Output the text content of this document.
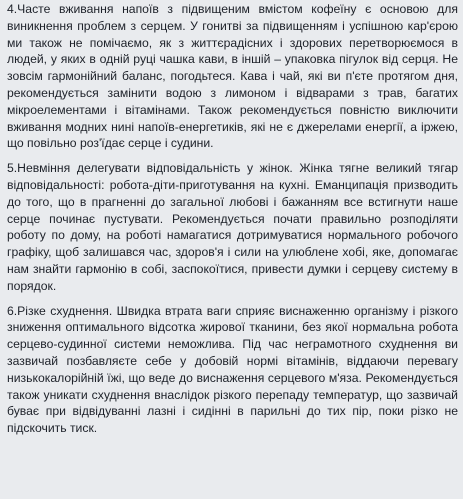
4.Часте вживання напоїв з підвищеним вмістом кофеїну є основою для виникнення проблем з серцем. У гонитві за підвищенням і успішною кар'єрою ми також не помічаємо, як з життєрадісних і здорових перетворюємося в людей, у яких в одній руці чашка кави, в іншій – упаковка пігулок від серця. Не зовсім гармонійний баланс, погодьтеся. Кава і чай, які ви п'єте протягом дня, рекомендується замінити водою з лимоном і відварами з трав, багатих мікроелементами і вітамінами. Також рекомендується повністю виключити вживання модних нині напоїв-енергетиків, які не є джерелами енергії, а іржею, що повільно роз'їдає серце і судини.

5.Невміння делегувати відповідальність у жінок. Жінка тягне великий тягар відповідальності: робота-діти-приготування на кухні. Еманципація призводить до того, що в прагненні до загальної любові і бажанням все встигнути наше серце починає пустувати. Рекомендується почати правильно розподіляти роботу по дому, на роботі намагатися дотримуватися нормального робочого графіку, щоб залишався час, здоров'я і сили на улюблене хобі, яке, допомагає нам знайти гармонію в собі, заспокоїтися, привести думки і серцеву систему в порядок.

6.Різке схуднення. Швидка втрата ваги сприяє виснаженню організму і різкого зниження оптимального відсотка жирової тканини, без якої нормальна робота серцево-судинної системи неможлива. Під час неграмотного схуднення ви зазвичай позбавляєте себе у добовій нормі вітамінів, віддаючи перевагу низькокалорійній їжі, що веде до виснаження серцевого м'яза. Рекомендується також уникати схуднення внаслідок різкого перепаду температур, що зазвичай буває при відвідуванні лазні і сидінні в парильні до тих пір, поки різко не підскочить тиск.
